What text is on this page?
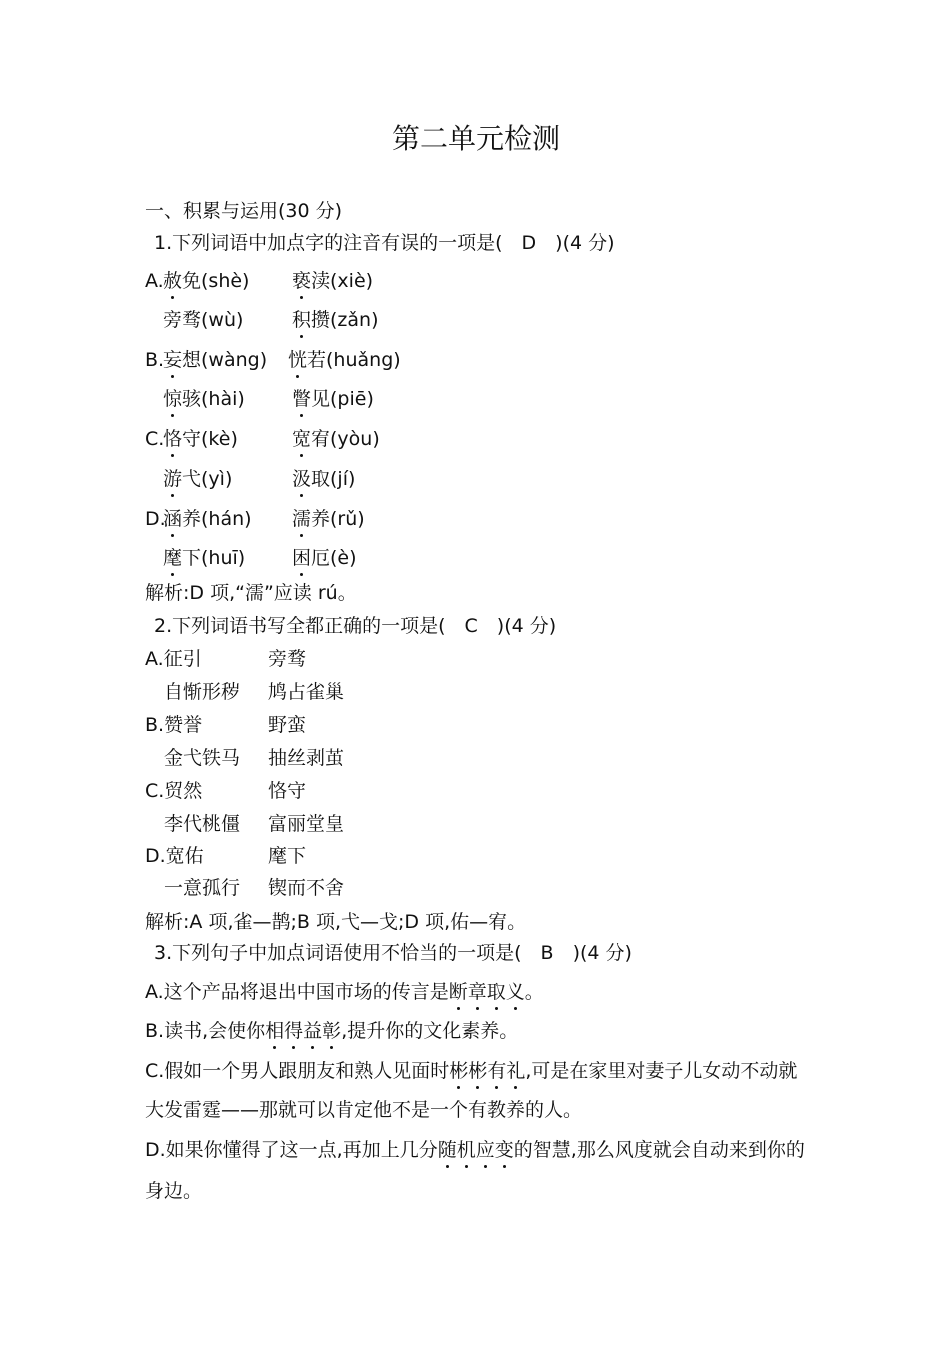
第二单元检测
一、积累与运用(30 分)
1.下列词语中加点字的注音有误的一项是(　D　)(4 分)
A. 赦免(shè) 亵渎(xiè)
旁骛(wù)	积攒(zǎn)
B.
妄想(wàng) 恍若(huǎng)
惊骇(hài) 瞥见(piē)
C.
恪守(kè)	宽宥(yòu)
游弋(yì)	汲取(jí)
D.
涵养(hán) 濡养(rǔ)
麾下(huī) 困厄(è)
解析:D 项,“濡”应读 rú。
2.下列词语书写全都正确的一项是(　C　)(4 分)
A.征引	旁骛
　自惭形秽 鸠占雀巢
B.赞誉	野蛮
　金弋铁马 抽丝剥茧
C.贸然	恪守
　李代桃僵 富丽堂皇
D.宽佑	麾下
　一意孤行 锲而不舍
解析:A 项,雀—鹊;B 项,弋—戈;D 项,佑—宥。
3.下列句子中加点词语使用不恰当的一项是(　B　)(4 分)
A.这个产品将退出中国市场的传言是断章取义。
B.读书,会使你相得益彰,提升你的文化素养。
C.假如一个男人跟朋友和熟人见面时彬彬有礼,可是在家里对妻子儿女动不动就
大发雷霆——那就可以肯定他不是一个有教养的人。
D.如果你懂得了这一点,再加上几分随机应变的智慧,那么风度就会自动来到你的
身边。
